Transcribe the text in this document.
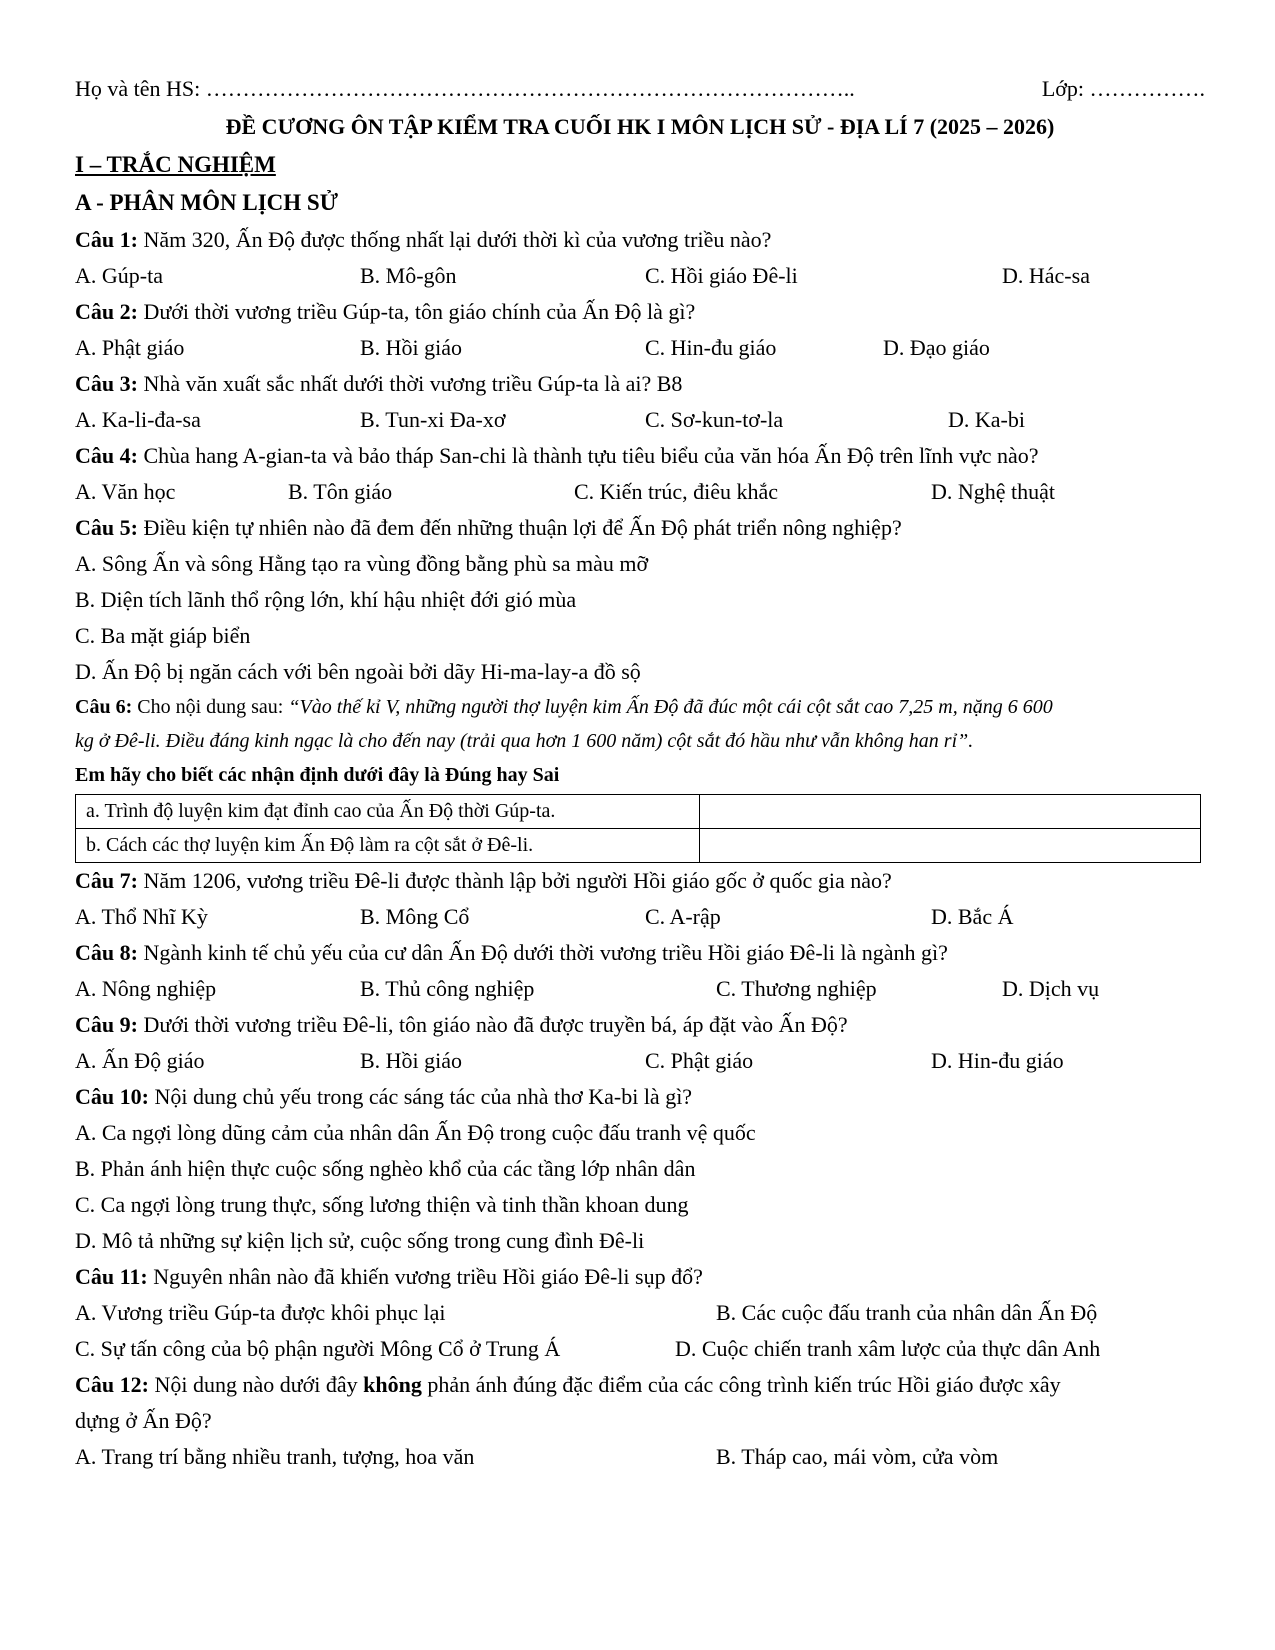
Họ và tên HS: ……………………………………………………………………………..	Lớp: …………….
ĐỀ CƯƠNG ÔN TẬP KIỂM TRA CUỐI HK I MÔN LỊCH SỬ - ĐỊA LÍ 7 (2025 – 2026)
I – TRẮC NGHIỆM
A - PHÂN MÔN LỊCH SỬ
Câu 1: Năm 320, Ấn Độ được thống nhất lại dưới thời kì của vương triều nào?
A. Gúp-ta	B. Mô-gôn	C. Hồi giáo Đê-li	D. Hác-sa
Câu 2: Dưới thời vương triều Gúp-ta, tôn giáo chính của Ấn Độ là gì?
A. Phật giáo	B. Hồi giáo	C. Hin-đu giáo	D. Đạo giáo
Câu 3: Nhà văn xuất sắc nhất dưới thời vương triều Gúp-ta là ai? B8
A. Ka-li-đa-sa	B. Tun-xi Đa-xơ	C. Sơ-kun-tơ-la	D. Ka-bi
Câu 4: Chùa hang A-gian-ta và bảo tháp San-chi là thành tựu tiêu biểu của văn hóa Ấn Độ trên lĩnh vực nào?
A. Văn học	B. Tôn giáo	C. Kiến trúc, điêu khắc	D. Nghệ thuật
Câu 5: Điều kiện tự nhiên nào đã đem đến những thuận lợi để Ấn Độ phát triển nông nghiệp?
A. Sông Ấn và sông Hằng tạo ra vùng đồng bằng phù sa màu mỡ
B. Diện tích lãnh thổ rộng lớn, khí hậu nhiệt đới gió mùa
C. Ba mặt giáp biển
D. Ấn Độ bị ngăn cách với bên ngoài bởi dãy Hi-ma-lay-a đồ sộ
Câu 6: Cho nội dung sau: “Vào thế kỉ V, những người thợ luyện kim Ấn Độ đã đúc một cái cột sắt cao 7,25 m, nặng 6 600
kg ở Đê-li. Điều đáng kinh ngạc là cho đến nay (trải qua hơn 1 600 năm) cột sắt đó hầu như vẫn không han rỉ”.
Em hãy cho biết các nhận định dưới đây là Đúng hay Sai
a. Trình độ luyện kim đạt đỉnh cao của Ấn Độ thời Gúp-ta.	
b. Cách các thợ luyện kim Ấn Độ làm ra cột sắt ở Đê-li.	
Câu 7: Năm 1206, vương triều Đê-li được thành lập bởi người Hồi giáo gốc ở quốc gia nào?
A. Thổ Nhĩ Kỳ	B. Mông Cổ	C. A-rập	D. Bắc Á
Câu 8: Ngành kinh tế chủ yếu của cư dân Ấn Độ dưới thời vương triều Hồi giáo Đê-li là ngành gì?
A. Nông nghiệp	B. Thủ công nghiệp	C. Thương nghiệp	D. Dịch vụ
Câu 9: Dưới thời vương triều Đê-li, tôn giáo nào đã được truyền bá, áp đặt vào Ấn Độ?
A. Ấn Độ giáo	B. Hồi giáo	C. Phật giáo	D. Hin-đu giáo
Câu 10: Nội dung chủ yếu trong các sáng tác của nhà thơ Ka-bi là gì?
A. Ca ngợi lòng dũng cảm của nhân dân Ấn Độ trong cuộc đấu tranh vệ quốc
B. Phản ánh hiện thực cuộc sống nghèo khổ của các tầng lớp nhân dân
C. Ca ngợi lòng trung thực, sống lương thiện và tinh thần khoan dung
D. Mô tả những sự kiện lịch sử, cuộc sống trong cung đình Đê-li
Câu 11: Nguyên nhân nào đã khiến vương triều Hồi giáo Đê-li sụp đổ?
A. Vương triều Gúp-ta được khôi phục lại	B. Các cuộc đấu tranh của nhân dân Ấn Độ
C. Sự tấn công của bộ phận người Mông Cổ ở Trung Á	D. Cuộc chiến tranh xâm lược của thực dân Anh
Câu 12: Nội dung nào dưới đây không phản ánh đúng đặc điểm của các công trình kiến trúc Hồi giáo được xây
dựng ở Ấn Độ?
A. Trang trí bằng nhiều tranh, tượng, hoa văn	B. Tháp cao, mái vòm, cửa vòm
